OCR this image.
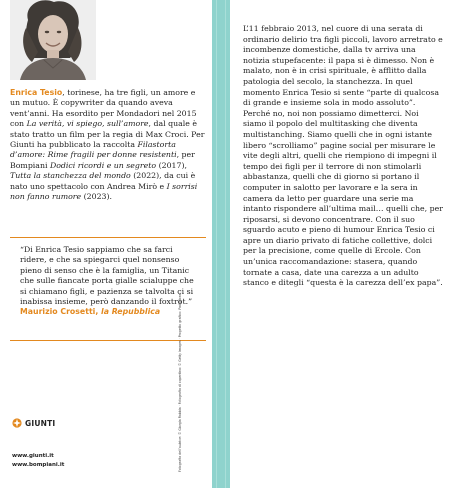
Enrica Tesio, torinese, ha tre figli, un amore e un mutuo. È copywriter da quando aveva vent’anni. Ha esordito per Mondadori nel 2015 con La verità, vi spiego, sull’amore, dal quale è stato tratto un film per la regia di Max Croci. Per Giunti ha pubblicato la raccolta Filastorta d’amore: Rime fragili per donne resistenti, per Bompiani Dodici ricordi e un segreto (2017), Tutta la stanchezza del mondo (2022), da cui è nato uno spettacolo con Andrea Mirò e I sorrisi non fanno rumore (2023).
“Di Enrica Tesio sappiamo che sa farci ridere, e che sa spiegarci quel nonsenso pieno di senso che è la famiglia, un Titanic che sulle fiancate porta gialle scialuppe che si chiamano figli, e pazienza se talvolta ci si inabissa insieme, però danzando il foxtrot.”
Maurizio Crosetti, la Repubblica	Fotografia dell’autrice: © Giorgia Rabbia · Fotografia di copertina: © Getty Images · Progetto grafico: Padiglione
GIUNTI
www.giunti.it
www.bompiani.it
L’11 febbraio 2013, nel cuore di una serata di ordinario delirio tra figli piccoli, lavoro arretrato e incombenze domestiche, dalla tv arriva una notizia stupefacente: il papa si è dimesso. Non è malato, non è in crisi spirituale, è afflitto dalla patologia del secolo, la stanchezza. In quel momento Enrica Tesio si sente “parte di qualcosa di grande e insieme sola in modo assoluto”. Perché no, noi non possiamo dimetterci. Noi siamo il popolo del multitasking che diventa multistanching. Siamo quelli che in ogni istante libero “scrolliamo” pagine social per misurare le vite degli altri, quelli che riempiono di impegni il tempo dei figli per il terrore di non stimolarli abbastanza, quelli che di giorno si portano il computer in salotto per lavorare e la sera in camera da letto per guardare una serie ma intanto rispondere all’ultima mail… quelli che, per riposarsi, si devono concentrare. Con il suo sguardo acuto e pieno di humour Enrica Tesio ci apre un diario privato di fatiche collettive, dolci per la precisione, come quelle di Ercole. Con un’unica raccomandazione: stasera, quando tornate a casa, date una carezza a un adulto stanco e ditegli “questa è la carezza dell’ex papa”.
